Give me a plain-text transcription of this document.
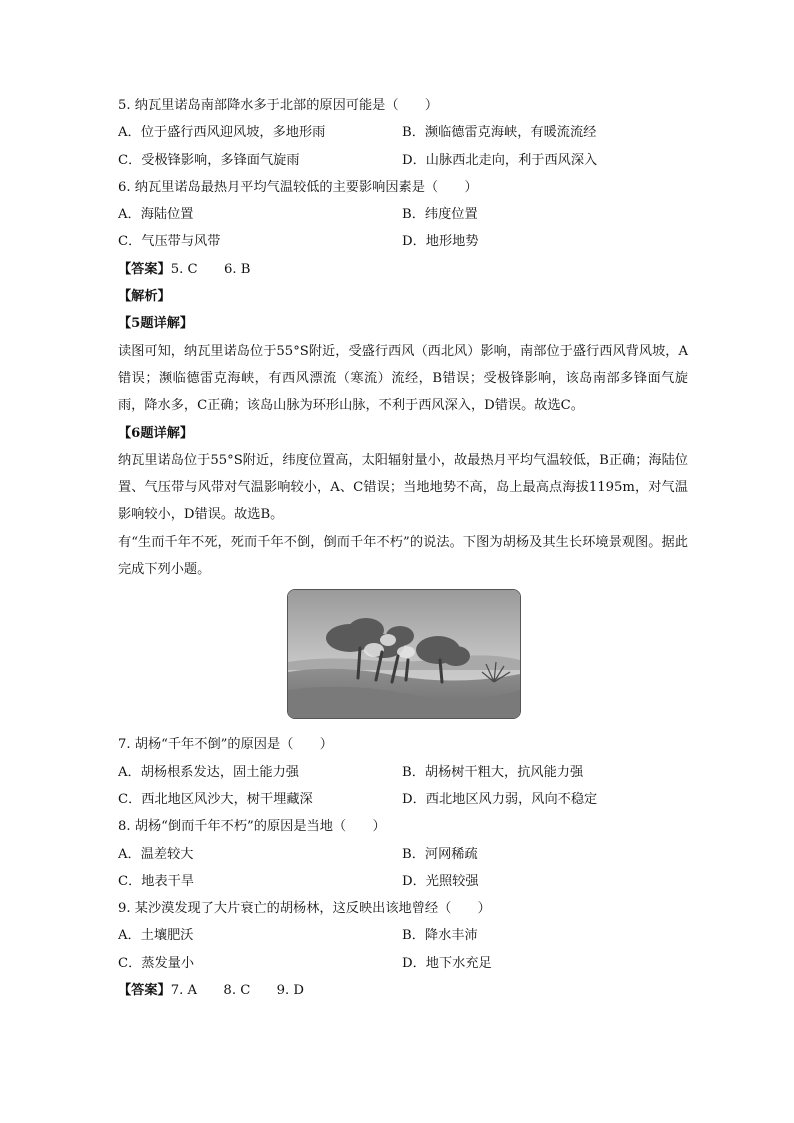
5. 纳瓦里诺岛南部降水多于北部的原因可能是（　　）
A．位于盛行西风迎风坡，多地形雨	B．濒临德雷克海峡，有暖流流经
C．受极锋影响，多锋面气旋雨	D．山脉西北走向，利于西风深入
6. 纳瓦里诺岛最热月平均气温较低的主要影响因素是（　　）
A．海陆位置	B．纬度位置
C．气压带与风带	D．地形地势
【答案】5. C　　6. B
【解析】
【5题详解】
读图可知，纳瓦里诺岛位于55°S附近，受盛行西风（西北风）影响，南部位于盛行西风背风坡，A错误；濒临德雷克海峡，有西风漂流（寒流）流经，B错误；受极锋影响，该岛南部多锋面气旋雨，降水多，C正确；该岛山脉为环形山脉，不利于西风深入，D错误。故选C。
【6题详解】
纳瓦里诺岛位于55°S附近，纬度位置高，太阳辐射量小，故最热月平均气温较低，B正确；海陆位置、气压带与风带对气温影响较小，A、C错误；当地地势不高，岛上最高点海拔1195m，对气温影响较小，D错误。故选B。
有“生而千年不死，死而千年不倒，倒而千年不朽”的说法。下图为胡杨及其生长环境景观图。据此完成下列小题。
7. 胡杨“千年不倒”的原因是（　　）
A．胡杨根系发达，固土能力强	B．胡杨树干粗大，抗风能力强
C．西北地区风沙大，树干埋藏深	D．西北地区风力弱，风向不稳定
8. 胡杨“倒而千年不朽”的原因是当地（　　）
A．温差较大	B．河网稀疏
C．地表干旱	D．光照较强
9. 某沙漠发现了大片衰亡的胡杨林，这反映出该地曾经（　　）
A．土壤肥沃	B．降水丰沛
C．蒸发量小	D．地下水充足
【答案】7. A　　8. C　　9. D
